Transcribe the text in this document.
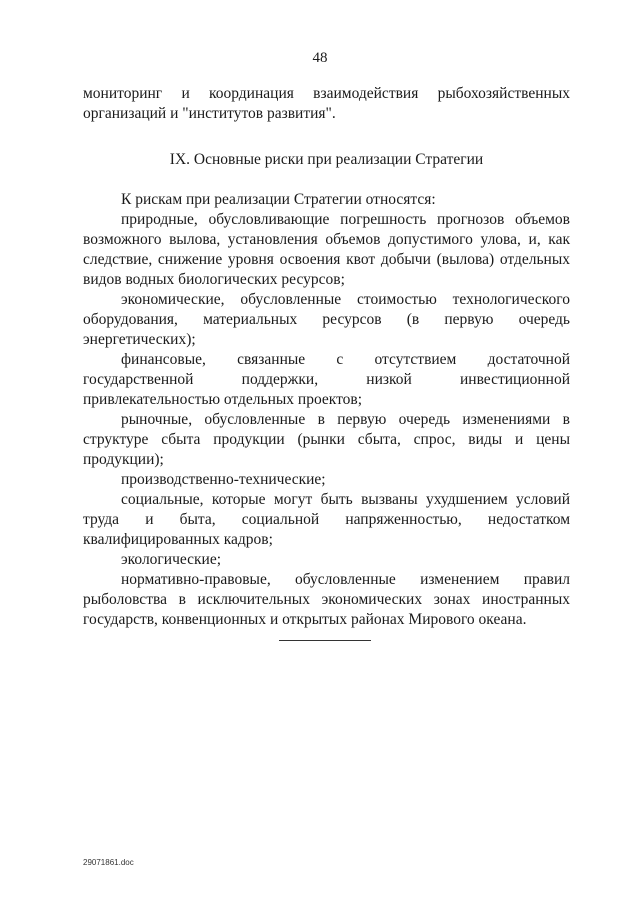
48

мониторинг и координация взаимодействия рыбохозяйственных организаций и "институтов развития".

IX. Основные риски при реализации Стратегии

К рискам при реализации Стратегии относятся:

природные, обусловливающие погрешность прогнозов объемов возможного вылова, установления объемов допустимого улова, и, как следствие, снижение уровня освоения квот добычи (вылова) отдельных видов водных биологических ресурсов;

экономические, обусловленные стоимостью технологического оборудования, материальных ресурсов (в первую очередь энергетических);

финансовые, связанные с отсутствием достаточной государственной поддержки, низкой инвестиционной привлекательностью отдельных проектов;

рыночные, обусловленные в первую очередь изменениями в структуре сбыта продукции (рынки сбыта, спрос, виды и цены продукции);

производственно-технические;

социальные, которые могут быть вызваны ухудшением условий труда и быта, социальной напряженностью, недостатком квалифицированных кадров;

экологические;

нормативно-правовые, обусловленные изменением правил рыболовства в исключительных экономических зонах иностранных государств, конвенционных и открытых районах Мирового океана.

29071861.doc
